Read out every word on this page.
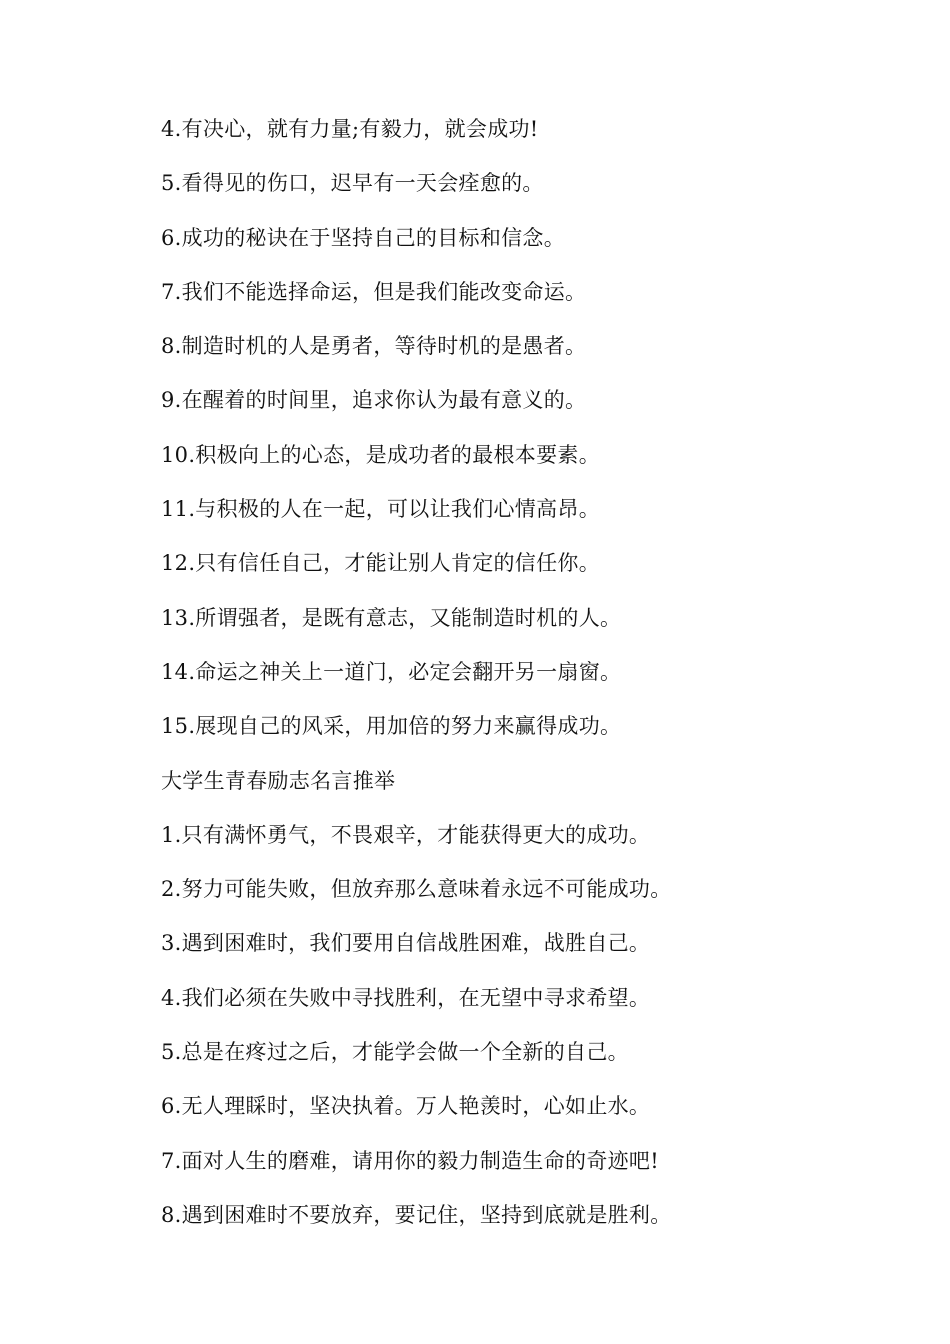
4.有决心，就有力量;有毅力，就会成功!
5.看得见的伤口，迟早有一天会痊愈的。
6.成功的秘诀在于坚持自己的目标和信念。
7.我们不能选择命运，但是我们能改变命运。
8.制造时机的人是勇者，等待时机的是愚者。
9.在醒着的时间里，追求你认为最有意义的。
10.积极向上的心态，是成功者的最根本要素。
11.与积极的人在一起，可以让我们心情高昂。
12.只有信任自己，才能让别人肯定的信任你。
13.所谓强者，是既有意志，又能制造时机的人。
14.命运之神关上一道门，必定会翻开另一扇窗。
15.展现自己的风采，用加倍的努力来赢得成功。
大学生青春励志名言推举
1.只有满怀勇气，不畏艰辛，才能获得更大的成功。
2.努力可能失败，但放弃那么意味着永远不可能成功。
3.遇到困难时，我们要用自信战胜困难，战胜自己。
4.我们必须在失败中寻找胜利，在无望中寻求希望。
5.总是在疼过之后，才能学会做一个全新的自己。
6.无人理睬时，坚决执着。万人艳羡时，心如止水。
7.面对人生的磨难，请用你的毅力制造生命的奇迹吧!
8.遇到困难时不要放弃，要记住，坚持到底就是胜利。
